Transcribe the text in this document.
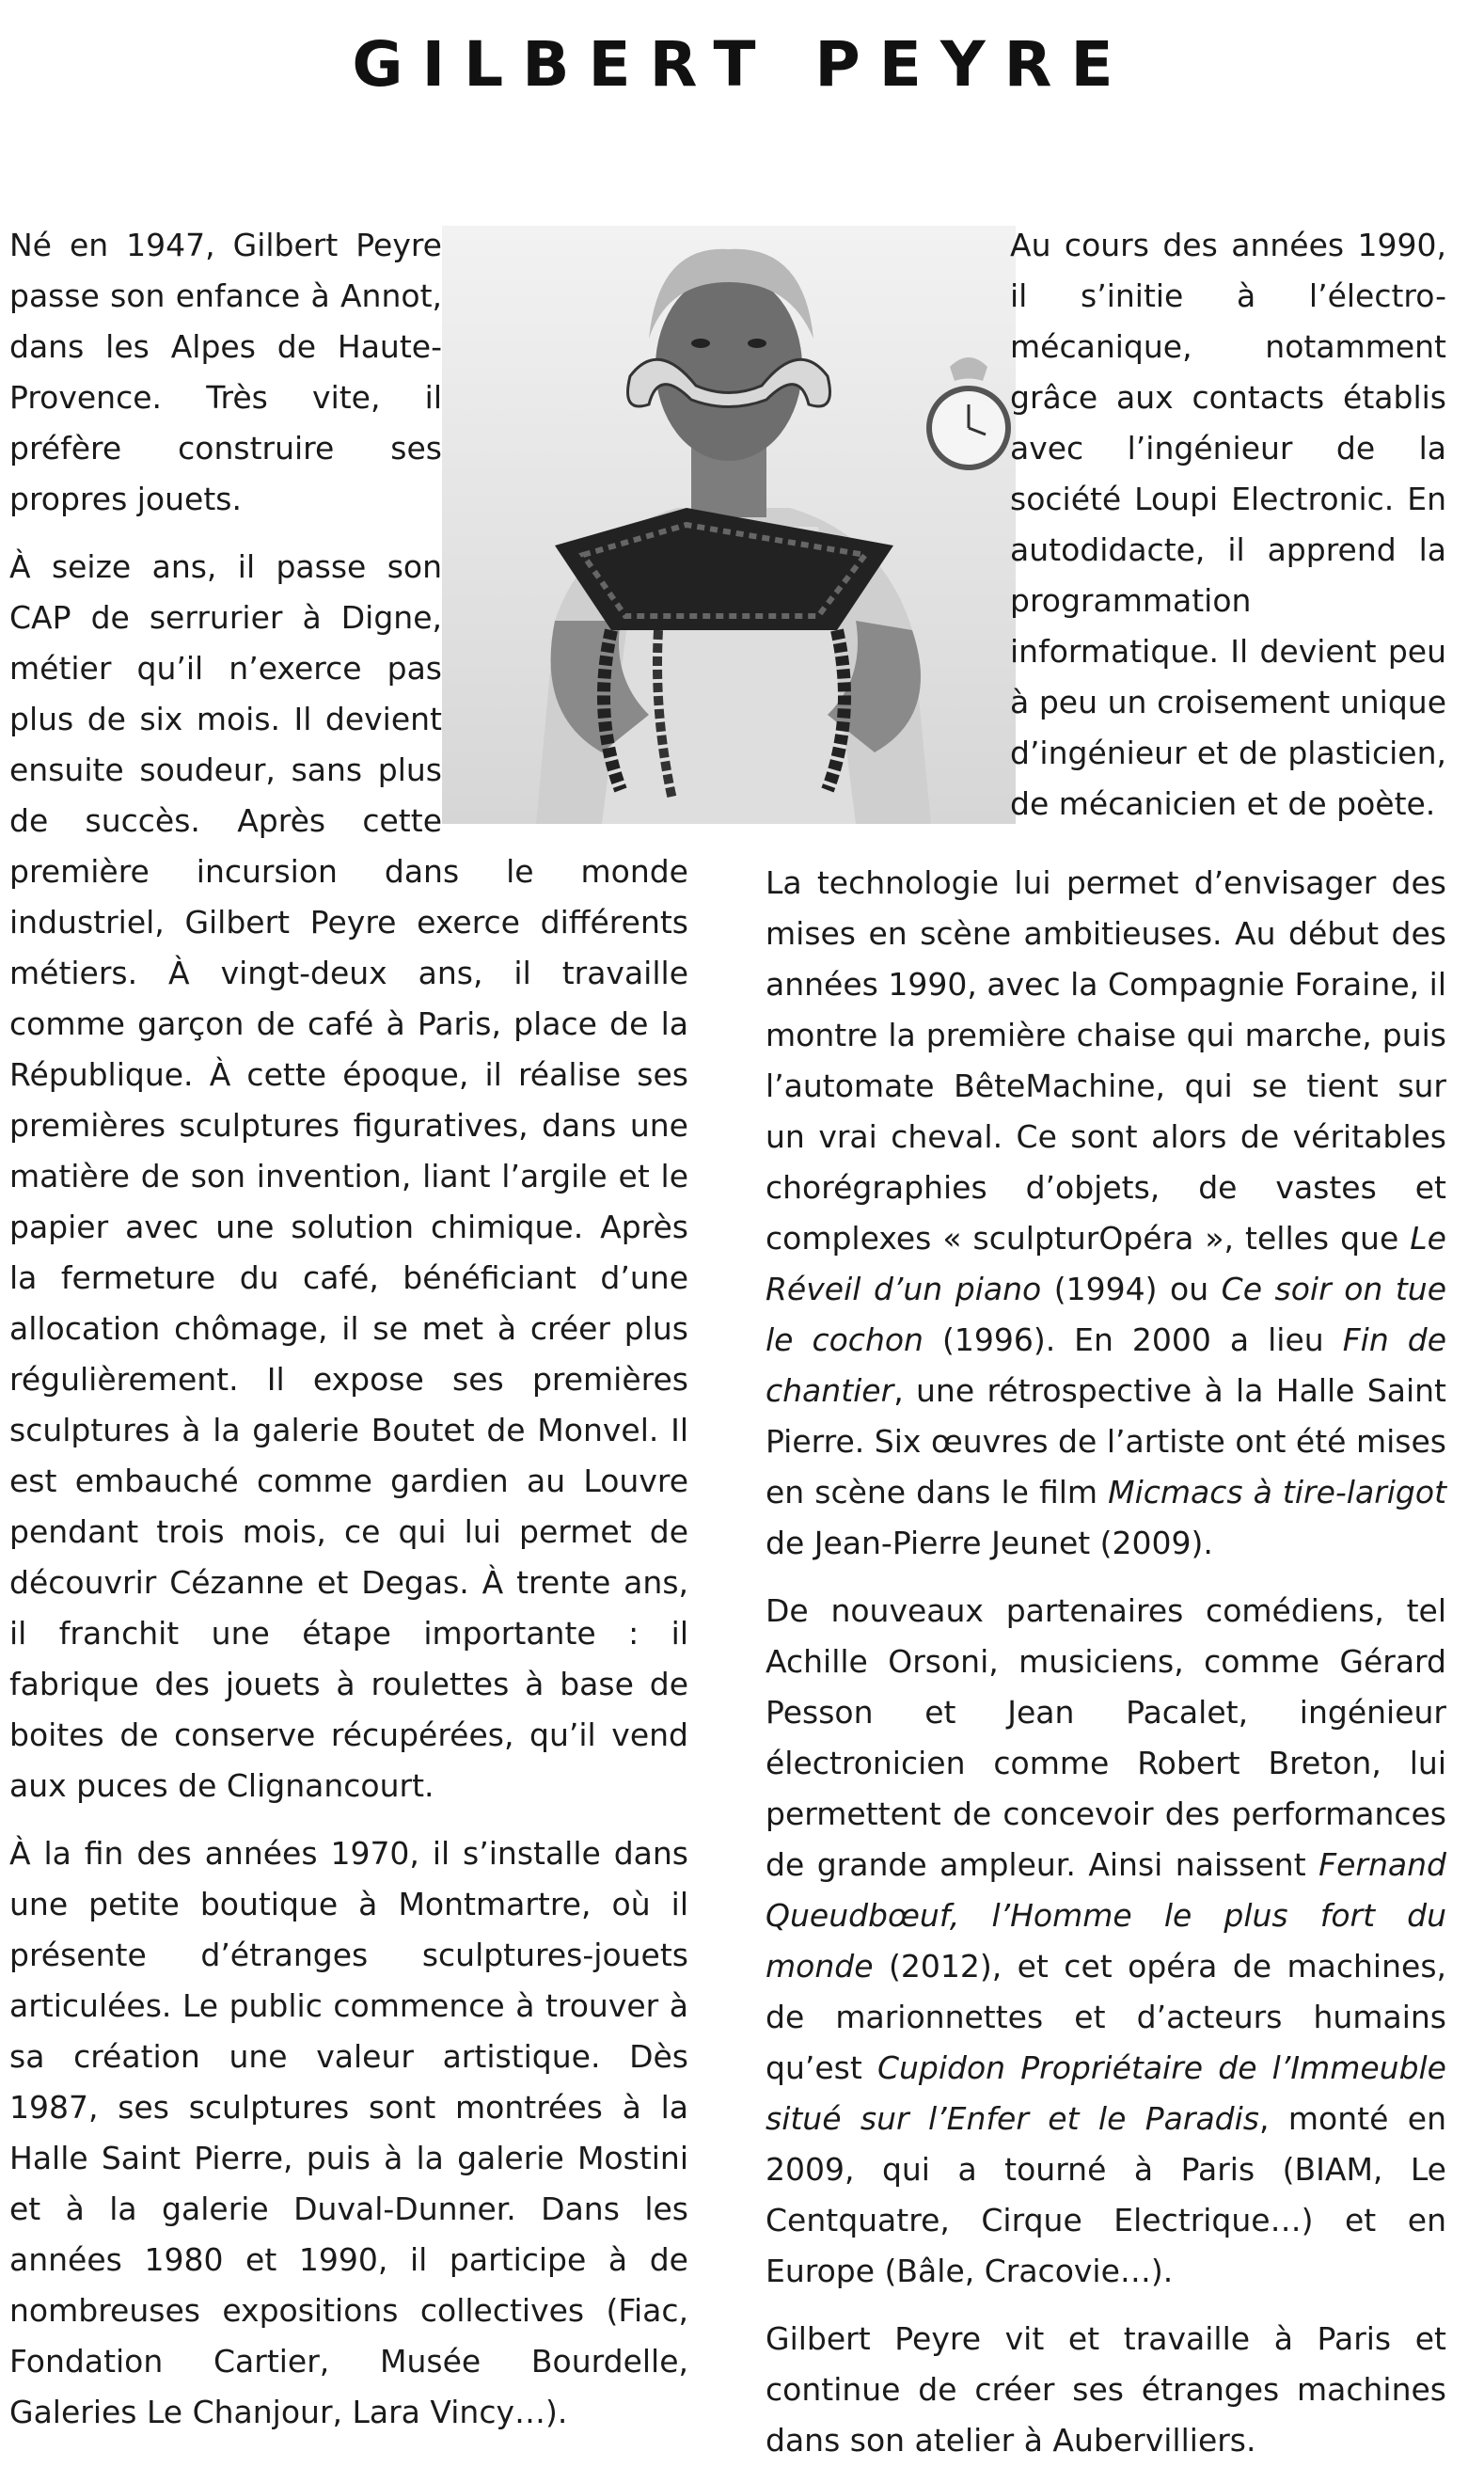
GILBERT PEYRE

Né en 1947, Gilbert Peyre passe son enfance à Annot, dans les Alpes de Haute-Provence. Très vite, il préfère construire ses propres jouets.

À seize ans, il passe son CAP de serrurier à Digne, métier qu’il n’exerce pas plus de six mois. Il devient ensuite soudeur, sans plus de succès. Après cette première incursion dans le monde industriel, Gilbert Peyre exerce différents métiers. À vingt-deux ans, il travaille comme garçon de café à Paris, place de la République. À cette époque, il réalise ses premières sculptures figuratives, dans une matière de son invention, liant l’argile et le papier avec une solution chimique. Après la fermeture du café, bénéficiant d’une allocation chômage, il se met à créer plus régulièrement. Il expose ses premières sculptures à la galerie Boutet de Monvel. Il est embauché comme gardien au Louvre pendant trois mois, ce qui lui permet de découvrir Cézanne et Degas. À trente ans, il franchit une étape importante : il fabrique des jouets à roulettes à base de boites de conserve récupérées, qu’il vend aux puces de Clignancourt.

À la fin des années 1970, il s’installe dans une petite boutique à Montmartre, où il présente d’étranges sculptures-jouets articulées. Le public commence à trouver à sa création une valeur artistique. Dès 1987, ses sculptures sont montrées à la Halle Saint Pierre, puis à la galerie Mostini et à la galerie Duval-Dunner. Dans les années 1980 et 1990, il participe à de nombreuses expositions collectives (Fiac, Fondation Cartier, Musée Bourdelle, Galeries Le Chanjour, Lara Vincy…).

Au cours des années 1990, il s’initie à l’électro-mécanique, notamment grâce aux contacts établis avec l’ingénieur de la société Loupi Electronic. En autodidacte, il apprend la programmation informatique. Il devient peu à peu un croisement unique d’ingénieur et de plasticien, de mécanicien et de poète.

La technologie lui permet d’envisager des mises en scène ambitieuses. Au début des années 1990, avec la Compagnie Foraine, il montre la première chaise qui marche, puis l’automate BêteMachine, qui se tient sur un vrai cheval. Ce sont alors de véritables chorégraphies d’objets, de vastes et complexes « sculpturOpéra », telles que Le Réveil d’un piano (1994) ou Ce soir on tue le cochon (1996). En 2000 a lieu Fin de chantier, une rétrospective à la Halle Saint Pierre. Six œuvres de l’artiste ont été mises en scène dans le film Micmacs à tire-larigot de Jean-Pierre Jeunet (2009).

De nouveaux partenaires comédiens, tel Achille Orsoni, musiciens, comme Gérard Pesson et Jean Pacalet, ingénieur électronicien comme Robert Breton, lui permettent de concevoir des performances de grande ampleur. Ainsi naissent Fernand Queudbœuf, l’Homme le plus fort du monde (2012), et cet opéra de machines, de marionnettes et d’acteurs humains qu’est Cupidon Propriétaire de l’Immeuble situé sur l’Enfer et le Paradis, monté en 2009, qui a tourné à Paris (BIAM, Le Centquatre, Cirque Electrique…) et en Europe (Bâle, Cracovie…).

Gilbert Peyre vit et travaille à Paris et continue de créer ses étranges machines dans son atelier à Aubervilliers.
